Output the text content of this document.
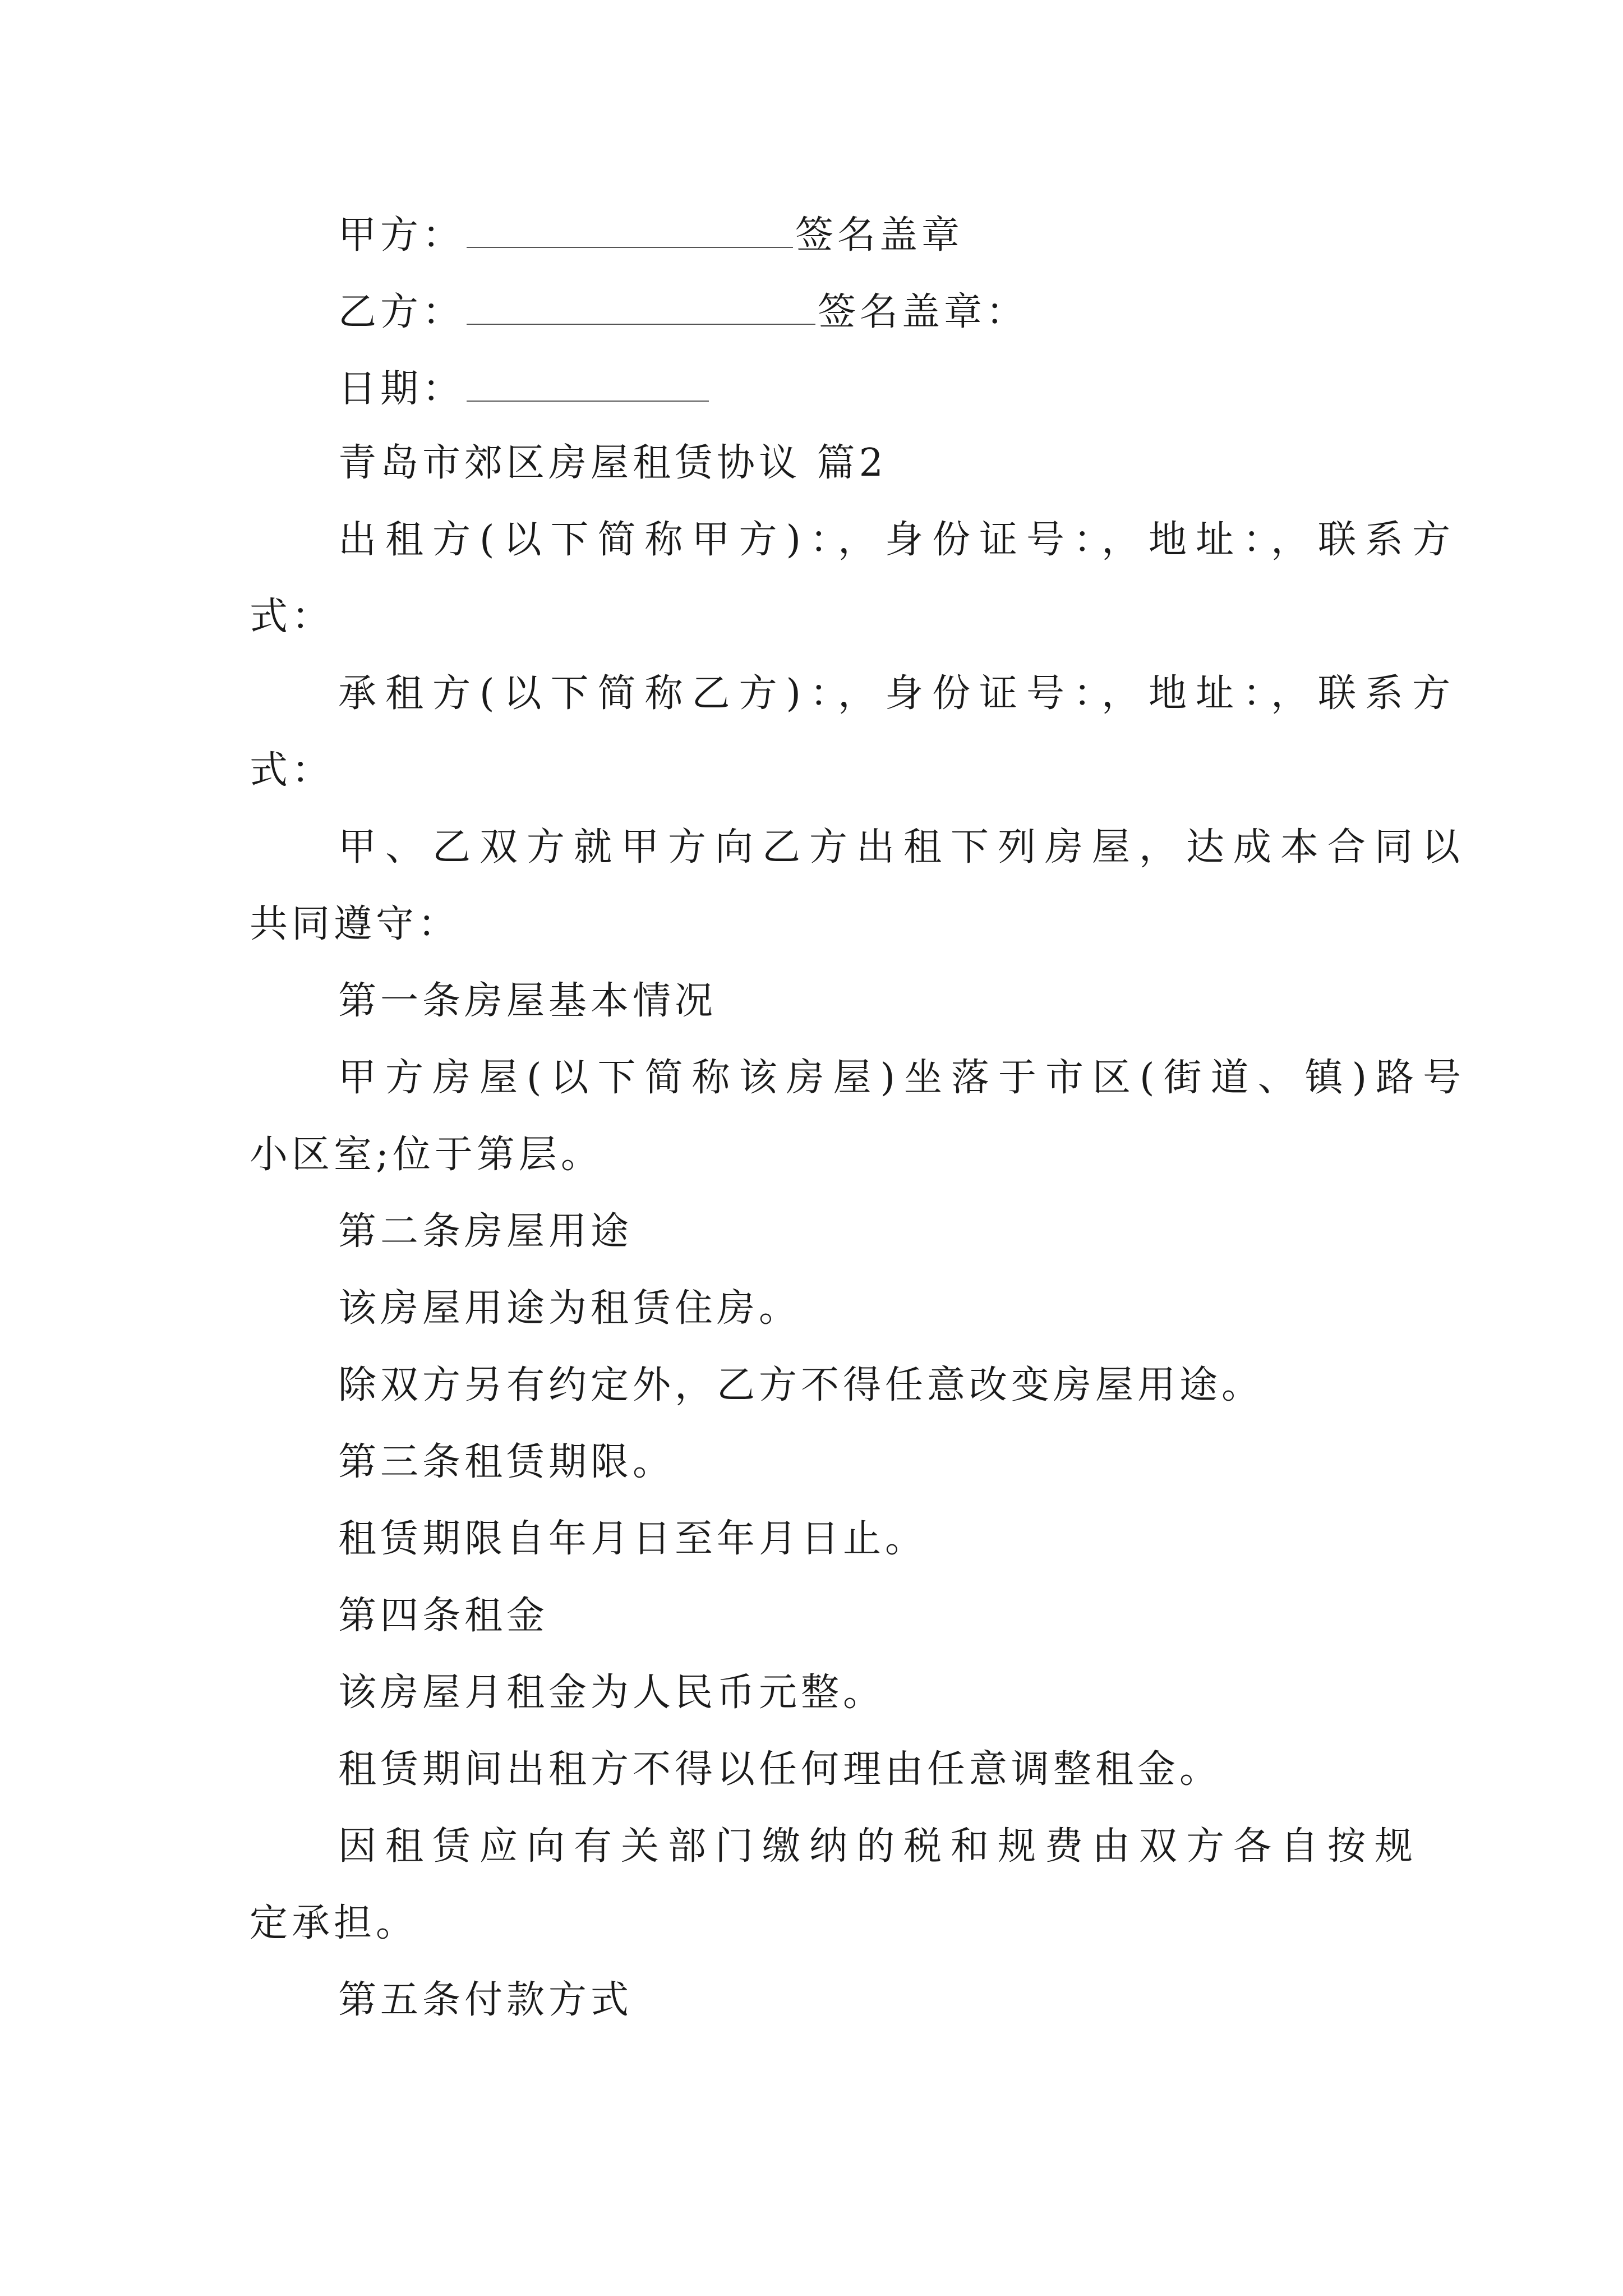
甲方：	签名盖章
乙方：	签名盖章：
日期：
青岛市郊区房屋租赁协议 篇2
出租方(以下简称甲方)：，身份证号：，地址：，联系方
式：
承租方(以下简称乙方)：，身份证号：，地址：，联系方
式：
甲、乙双方就甲方向乙方出租下列房屋，达成本合同以
共同遵守：
第一条房屋基本情况
甲方房屋(以下简称该房屋)坐落于市区(街道、镇)路号
小区室;位于第层。
第二条房屋用途
该房屋用途为租赁住房。
除双方另有约定外，乙方不得任意改变房屋用途。
第三条租赁期限。
租赁期限自年月日至年月日止。
第四条租金
该房屋月租金为人民币元整。
租赁期间出租方不得以任何理由任意调整租金。
因租赁应向有关部门缴纳的税和规费由双方各自按规
定承担。
第五条付款方式
